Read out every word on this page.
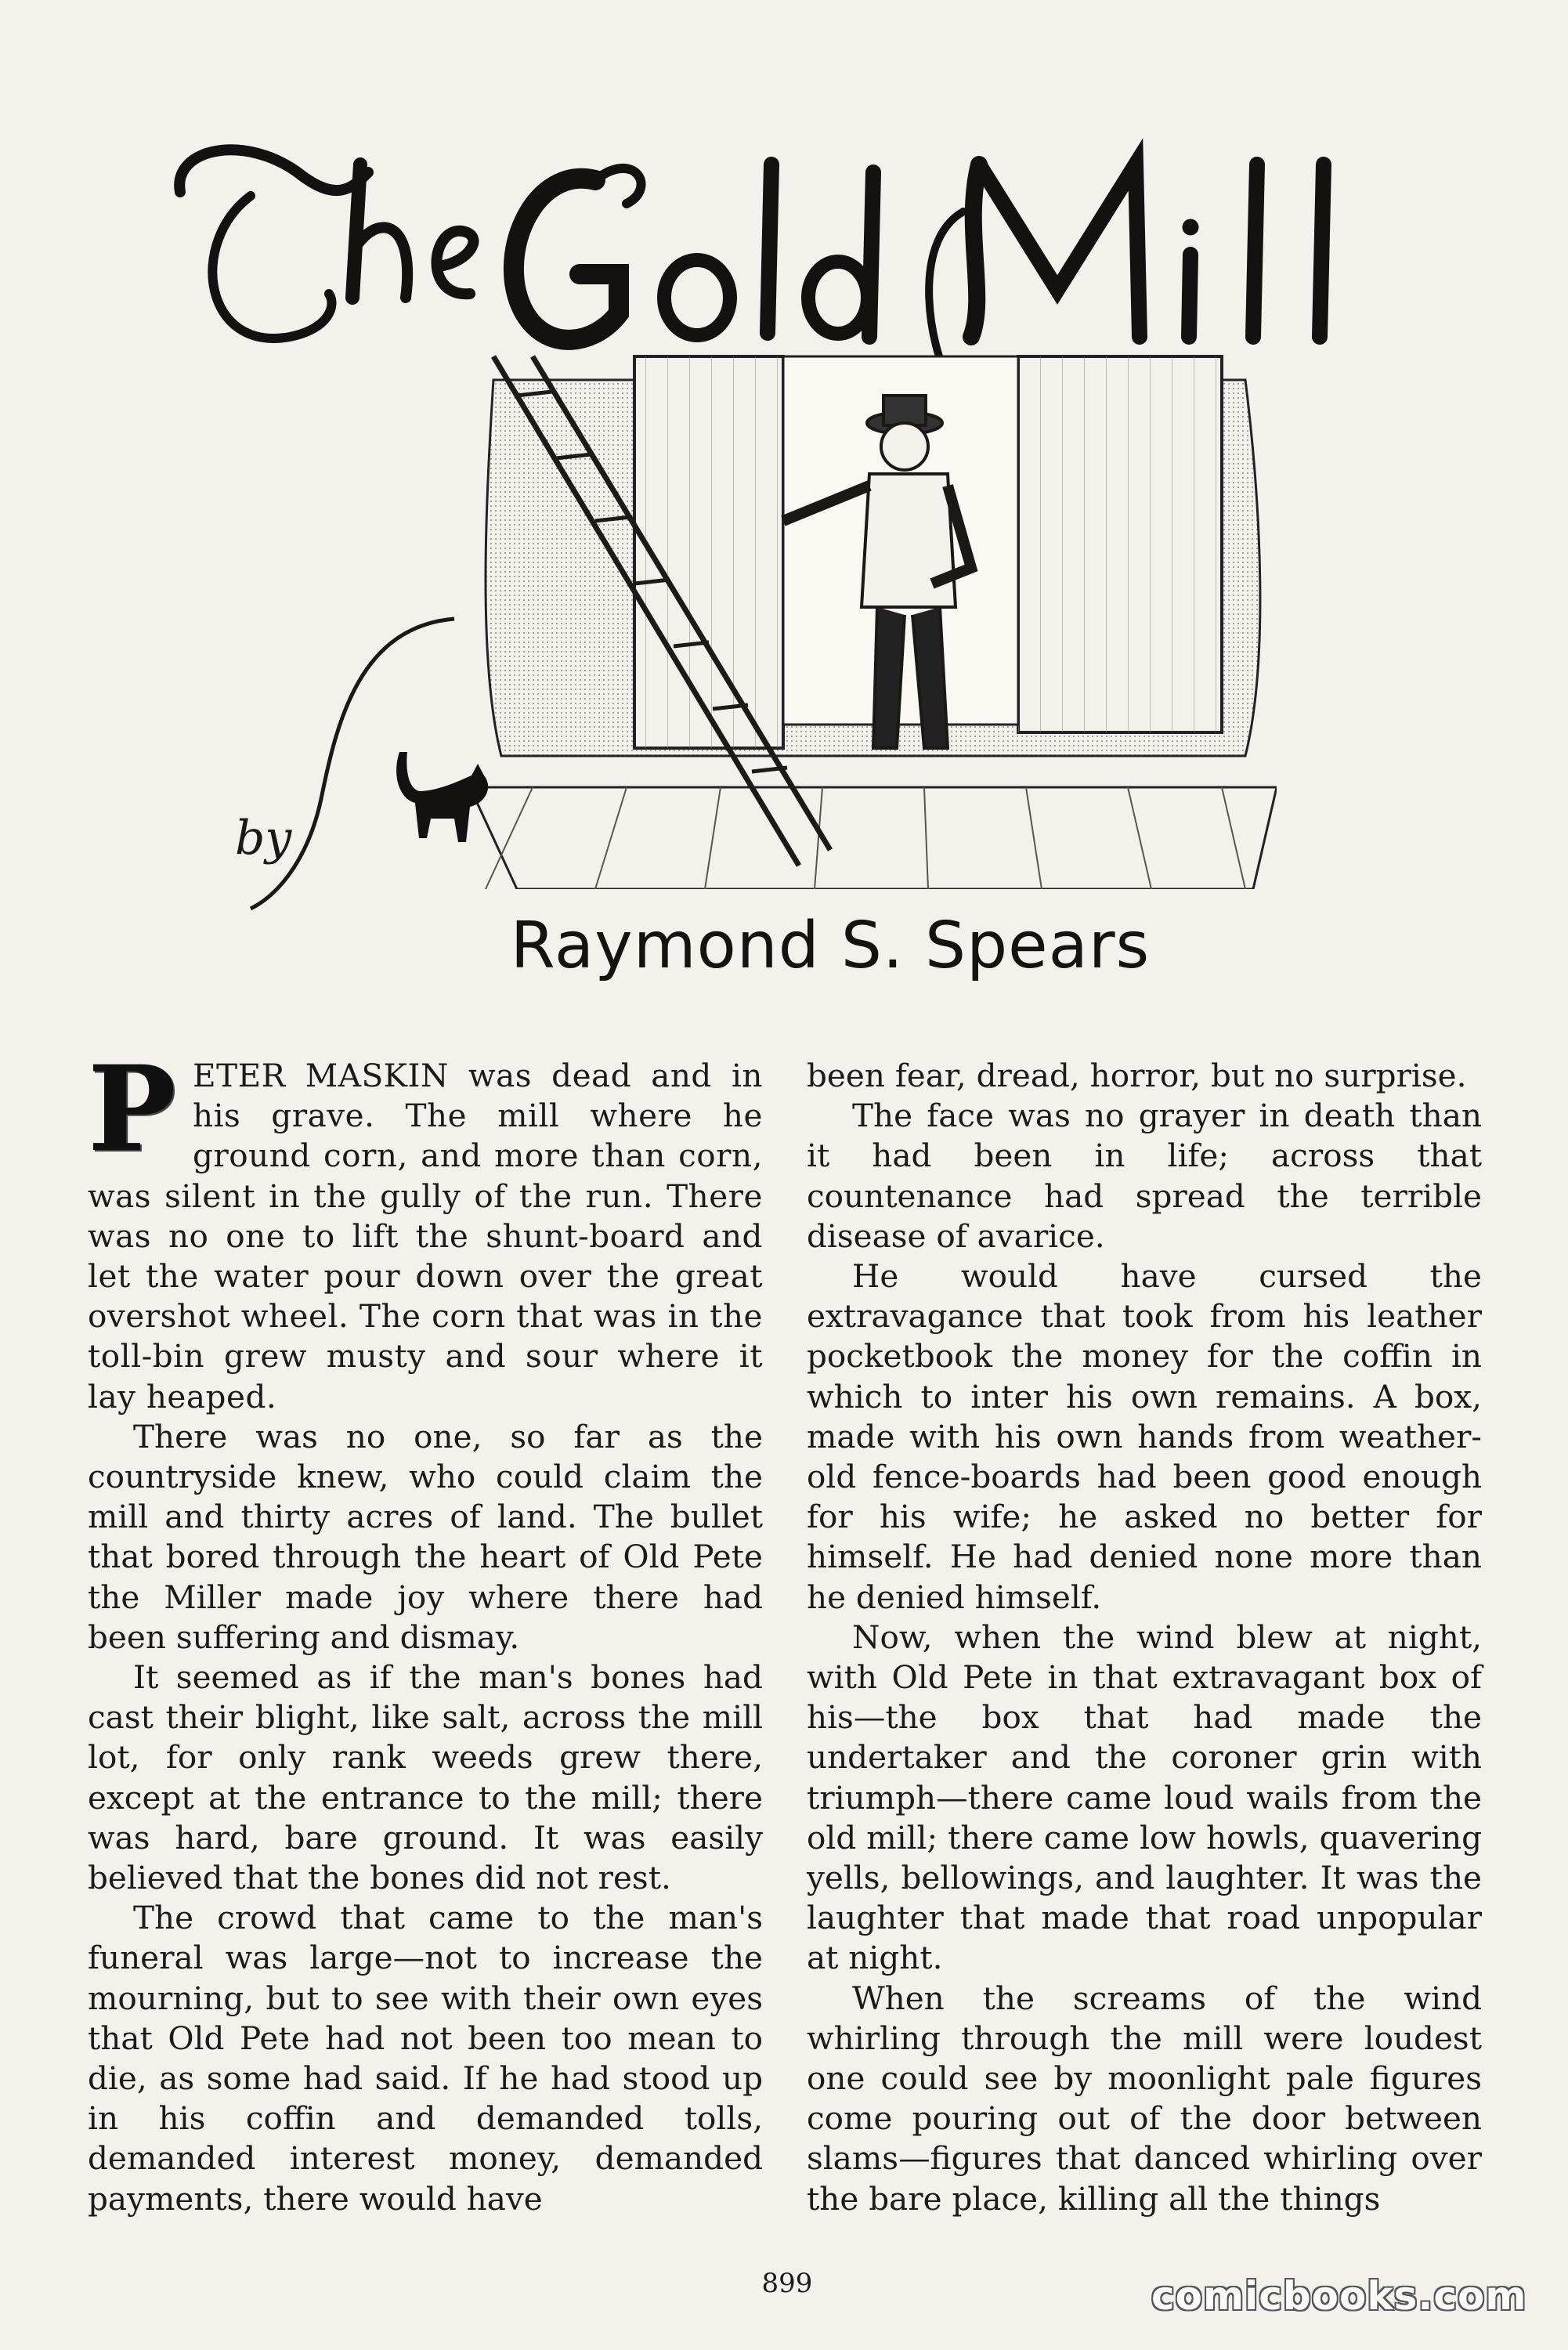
by
Raymond S. Spears

P ETER MASKIN was dead and in his grave. The mill where he ground corn, and more than corn, was silent in the gully of the run. There was no one to lift the shunt-board and let the water pour down over the great overshot wheel. The corn that was in the toll-bin grew musty and sour where it lay heaped.

There was no one, so far as the countryside knew, who could claim the mill and thirty acres of land. The bullet that bored through the heart of Old Pete the Miller made joy where there had been suffering and dismay.

It seemed as if the man's bones had cast their blight, like salt, across the mill lot, for only rank weeds grew there, except at the entrance to the mill; there was hard, bare ground. It was easily believed that the bones did not rest.

The crowd that came to the man's funeral was large—not to increase the mourning, but to see with their own eyes that Old Pete had not been too mean to die, as some had said. If he had stood up in his coffin and demanded tolls, demanded interest money, demanded payments, there would have

been fear, dread, horror, but no surprise.

The face was no grayer in death than it had been in life; across that countenance had spread the terrible disease of avarice.

He would have cursed the extravagance that took from his leather pocketbook the money for the coffin in which to inter his own remains. A box, made with his own hands from weather-old fence-boards had been good enough for his wife; he asked no better for himself. He had denied none more than he denied himself.

Now, when the wind blew at night, with Old Pete in that extravagant box of his—the box that had made the undertaker and the coroner grin with triumph—there came loud wails from the old mill; there came low howls, quavering yells, bellowings, and laughter. It was the laughter that made that road unpopular at night.

When the screams of the wind whirling through the mill were loudest one could see by moonlight pale figures come pouring out of the door between slams—figures that danced whirling over the bare place, killing all the things

899	comicbooks.com
